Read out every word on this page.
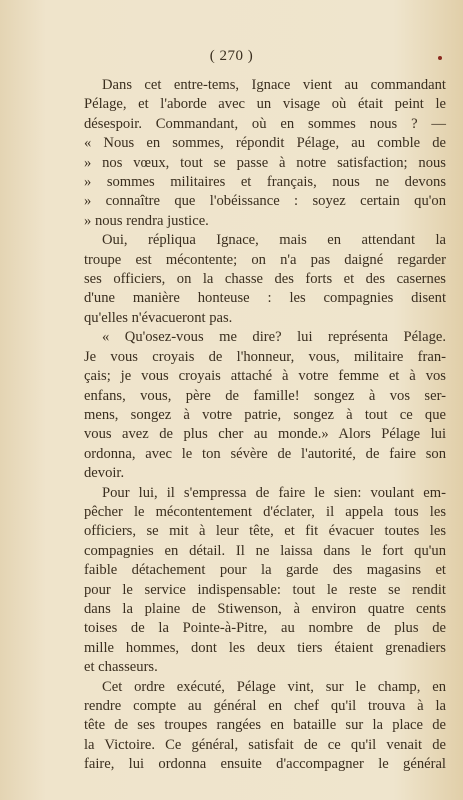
( 270 )
Dans cet entre-tems, Ignace vient au commandant
Pélage, et l'aborde avec un visage où était peint le
désespoir. Commandant, où en sommes nous ? —
« Nous en sommes, répondit Pélage, au comble de
» nos vœux, tout se passe à notre satisfaction; nous
» sommes militaires et français, nous ne devons
» connaître que l'obéissance : soyez certain qu'on
» nous rendra justice.
Oui, répliqua Ignace, mais en attendant la
troupe est mécontente; on n'a pas daigné regarder
ses officiers, on la chasse des forts et des casernes
d'une manière honteuse : les compagnies disent
qu'elles n'évacueront pas.
« Qu'osez-vous me dire? lui représenta Pélage.
Je vous croyais de l'honneur, vous, militaire fran-
çais; je vous croyais attaché à votre femme et à vos
enfans, vous, père de famille! songez à vos ser-
mens, songez à votre patrie, songez à tout ce que
vous avez de plus cher au monde.» Alors Pélage lui
ordonna, avec le ton sévère de l'autorité, de faire son
devoir.
Pour lui, il s'empressa de faire le sien: voulant em-
pêcher le mécontentement d'éclater, il appela tous les
officiers, se mit à leur tête, et fit évacuer toutes les
compagnies en détail. Il ne laissa dans le fort qu'un
faible détachement pour la garde des magasins et
pour le service indispensable: tout le reste se rendit
dans la plaine de Stiwenson, à environ quatre cents
toises de la Pointe-à-Pitre, au nombre de plus de
mille hommes, dont les deux tiers étaient grenadiers
et chasseurs.
Cet ordre exécuté, Pélage vint, sur le champ, en
rendre compte au général en chef qu'il trouva à la
tête de ses troupes rangées en bataille sur la place de
la Victoire. Ce général, satisfait de ce qu'il venait de
faire, lui ordonna ensuite d'accompagner le général
